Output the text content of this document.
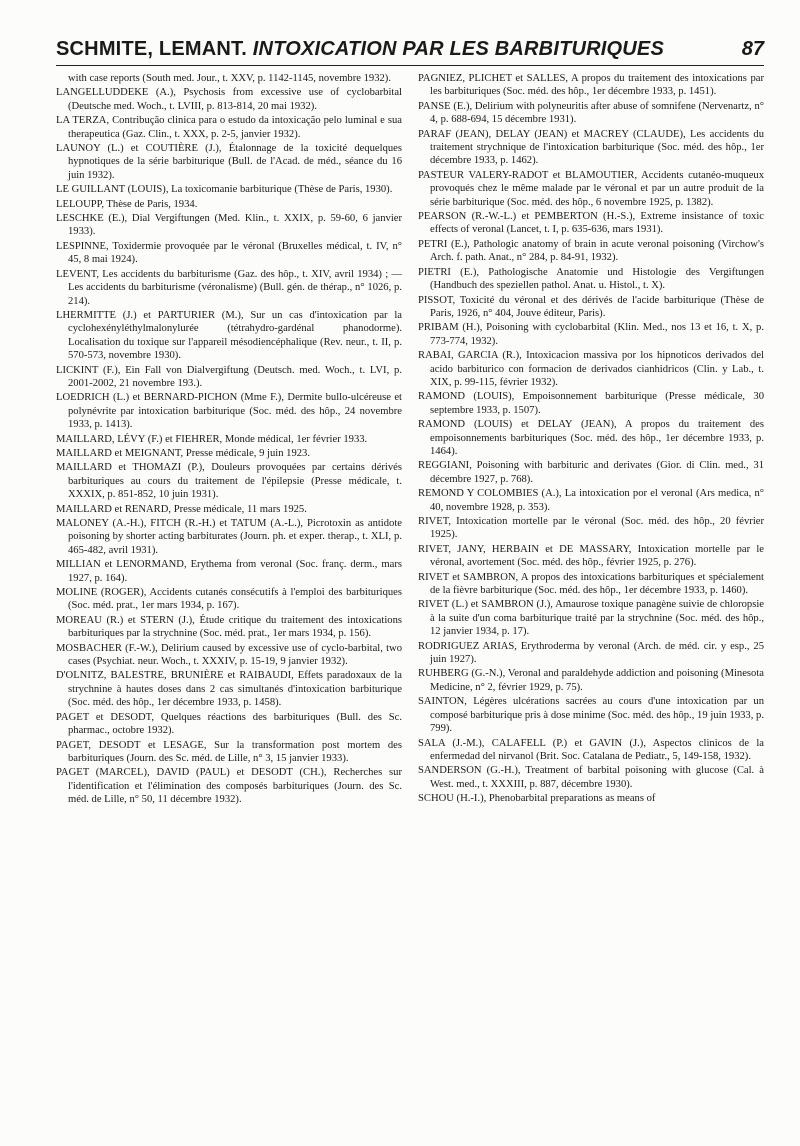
SCHMITE, LEMANT. INTOXICATION PAR LES BARBITURIQUES	87

with case reports (South med. Jour., t. XXV, p. 1142-1145, novembre 1932).

LANGELLUDDEKE (A.), Psychosis from excessive use of cyclobarbital (Deutsche med. Woch., t. LVIII, p. 813-814, 20 mai 1932).

LA TERZA, Contribução clinica para o estudo da intoxicação pelo luminal e sua therapeutica (Gaz. Clin., t. XXX, p. 2-5, janvier 1932).

LAUNOY (L.) et COUTIÈRE (J.), Étalonnage de la toxicité dequelques hypnotiques de la série barbiturique (Bull. de l'Acad. de méd., séance du 16 juin 1932).

LE GUILLANT (LOUIS), La toxicomanie barbiturique (Thèse de Paris, 1930).

LELOUPP, Thèse de Paris, 1934.

LESCHKE (E.), Dial Vergiftungen (Med. Klin., t. XXIX, p. 59-60, 6 janvier 1933).

LESPINNE, Toxidermie provoquée par le véronal (Bruxelles médical, t. IV, n° 45, 8 mai 1924).

LEVENT, Les accidents du barbiturisme (Gaz. des hôp., t. XIV, avril 1934) ; — Les accidents du barbiturisme (véronalisme) (Bull. gén. de thérap., n° 1026, p. 214).

LHERMITTE (J.) et PARTURIER (M.), Sur un cas d'intoxication par la cyclohexényléthylmalonylurée (tétrahydro-gardénal phanodorme). Localisation du toxique sur l'appareil mésodiencéphalique (Rev. neur., t. II, p. 570-573, novembre 1930).

LICKINT (F.), Ein Fall von Dialvergiftung (Deutsch. med. Woch., t. LVI, p. 2001-2002, 21 novembre 193.).

LOEDRICH (L.) et BERNARD-PICHON (Mme F.), Dermite bullo-ulcéreuse et polynévrite par intoxication barbiturique (Soc. méd. des hôp., 24 novembre 1933, p. 1413).

MAILLARD, LÉVY (F.) et FIEHRER, Monde médical, 1er février 1933.

MAILLARD et MEIGNANT, Presse médicale, 9 juin 1923.

MAILLARD et THOMAZI (P.), Douleurs provoquées par certains dérivés barbituriques au cours du traitement de l'épilepsie (Presse médicale, t. XXXIX, p. 851-852, 10 juin 1931).

MAILLARD et RENARD, Presse médicale, 11 mars 1925.

MALONEY (A.-H.), FITCH (R.-H.) et TATUM (A.-L.), Picrotoxin as antidote poisoning by shorter acting barbiturates (Journ. ph. et exper. therap., t. XLI, p. 465-482, avril 1931).

MILLIAN et LENORMAND, Erythema from veronal (Soc. franç. derm., mars 1927, p. 164).

MOLINE (ROGER), Accidents cutanés consécutifs à l'emploi des barbituriques (Soc. méd. prat., 1er mars 1934, p. 167).

MOREAU (R.) et STERN (J.), Étude critique du traitement des intoxications barbituriques par la strychnine (Soc. méd. prat., 1er mars 1934, p. 156).

MOSBACHER (F.-W.), Delirium caused by excessive use of cyclo-barbital, two cases (Psychiat. neur. Woch., t. XXXIV, p. 15-19, 9 janvier 1932).

D'OLNITZ, BALESTRE, BRUNIÈRE et RAIBAUDI, Effets paradoxaux de la strychnine à hautes doses dans 2 cas simultanés d'intoxication barbiturique (Soc. méd. des hôp., 1er décembre 1933, p. 1458).

PAGET et DESODT, Quelques réactions des barbituriques (Bull. des Sc. pharmac., octobre 1932).

PAGET, DESODT et LESAGE, Sur la transformation post mortem des barbituriques (Journ. des Sc. méd. de Lille, n° 3, 15 janvier 1933).

PAGET (MARCEL), DAVID (PAUL) et DESODT (CH.), Recherches sur l'identification et l'élimination des composés barbituriques (Journ. des Sc. méd. de Lille, n° 50, 11 décembre 1932).

PAGNIEZ, PLICHET et SALLES, A propos du traitement des intoxications par les barbituriques (Soc. méd. des hôp., 1er décembre 1933, p. 1451).

PANSE (E.), Delirium with polyneuritis after abuse of somnifene (Nervenartz, n° 4, p. 688-694, 15 décembre 1931).

PARAF (JEAN), DELAY (JEAN) et MACREY (CLAUDE), Les accidents du traitement strychnique de l'intoxication barbiturique (Soc. méd. des hôp., 1er décembre 1933, p. 1462).

PASTEUR VALERY-RADOT et BLAMOUTIER, Accidents cutanéo-muqueux provoqués chez le même malade par le véronal et par un autre produit de la série barbiturique (Soc. méd. des hôp., 6 novembre 1925, p. 1382).

PEARSON (R.-W.-L.) et PEMBERTON (H.-S.), Extreme insistance of toxic effects of veronal (Lancet, t. I, p. 635-636, mars 1931).

PETRI (E.), Pathologic anatomy of brain in acute veronal poisoning (Virchow's Arch. f. path. Anat., n° 284, p. 84-91, 1932).

PIETRI (E.), Pathologische Anatomie und Histologie des Vergiftungen (Handbuch des speziellen pathol. Anat. u. Histol., t. X).

PISSOT, Toxicité du véronal et des dérivés de l'acide barbiturique (Thèse de Paris, 1926, n° 404, Jouve éditeur, Paris).

PRIBAM (H.), Poisoning with cyclobarbital (Klin. Med., nos 13 et 16, t. X, p. 773-774, 1932).

RABAI, GARCIA (R.), Intoxicacion massiva por los hipnoticos derivados del acido barbiturico con formacion de derivados cianhidricos (Clin. y Lab., t. XIX, p. 99-115, février 1932).

RAMOND (LOUIS), Empoisonnement barbiturique (Presse médicale, 30 septembre 1933, p. 1507).

RAMOND (LOUIS) et DELAY (JEAN), A propos du traitement des empoisonnements barbituriques (Soc. méd. des hôp., 1er décembre 1933, p. 1464).

REGGIANI, Poisoning with barbituric and derivates (Gior. di Clin. med., 31 décembre 1927, p. 768).

REMOND Y COLOMBIES (A.), La intoxication por el veronal (Ars medica, n° 40, novembre 1928, p. 353).

RIVET, Intoxication mortelle par le véronal (Soc. méd. des hôp., 20 février 1925).

RIVET, JANY, HERBAIN et DE MASSARY, Intoxication mortelle par le véronal, avortement (Soc. méd. des hôp., février 1925, p. 276).

RIVET et SAMBRON, A propos des intoxications barbituriques et spécialement de la fièvre barbiturique (Soc. méd. des hôp., 1er décembre 1933, p. 1460).

RIVET (L.) et SAMBRON (J.), Amaurose toxique panagène suivie de chloropsie à la suite d'un coma barbiturique traité par la strychnine (Soc. méd. des hôp., 12 janvier 1934, p. 17).

RODRIGUEZ ARIAS, Erythroderma by veronal (Arch. de méd. cir. y esp., 25 juin 1927).

RUHBERG (G.-N.), Veronal and paraldehyde addiction and poisoning (Minesota Medicine, n° 2, février 1929, p. 75).

SAINTON, Légères ulcérations sacrées au cours d'une intoxication par un composé barbiturique pris à dose minime (Soc. méd. des hôp., 19 juin 1933, p. 799).

SALA (J.-M.), CALAFELL (P.) et GAVIN (J.), Aspectos clinicos de la enfermedad del nirvanol (Brit. Soc. Catalana de Pediatr., 5, 149-158, 1932).

SANDERSON (G.-H.), Treatment of barbital poisoning with glucose (Cal. à West. med., t. XXXIII, p. 887, décembre 1930).

SCHOU (H.-I.), Phenobarbital preparations as means of
